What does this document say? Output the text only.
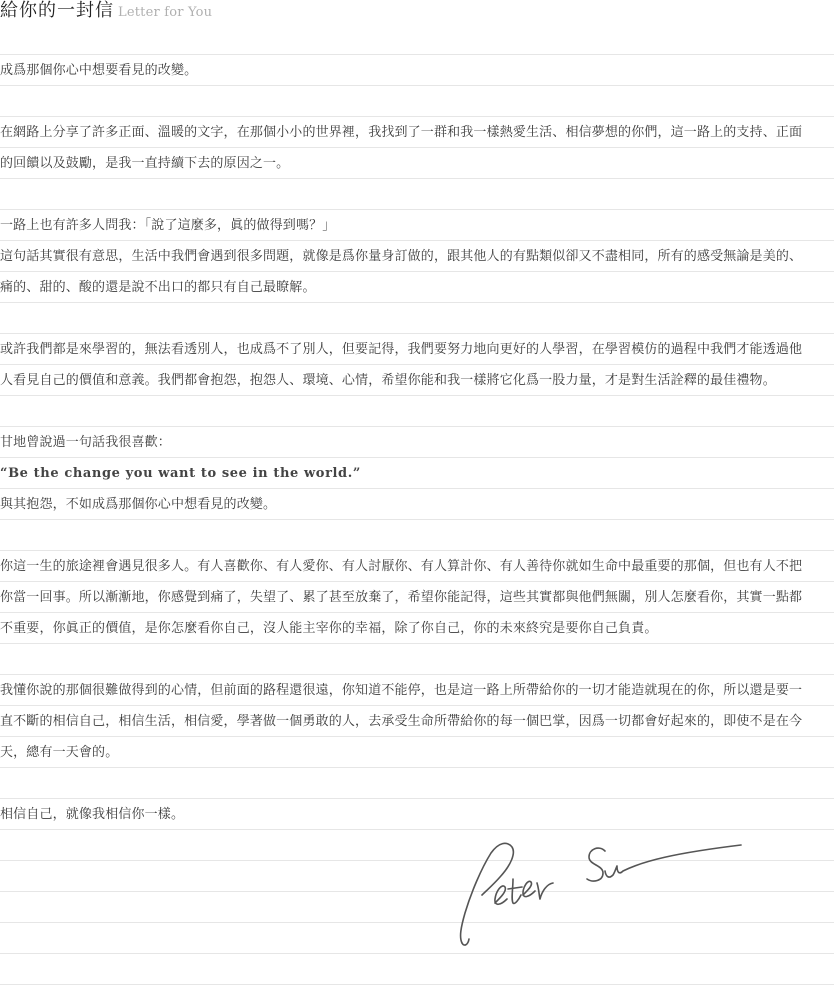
給你的一封信 Letter for You
成爲那個你心中想要看見的改變。
在網路上分享了許多正面、溫暖的文字，在那個小小的世界裡，我找到了一群和我一樣熱愛生活、相信夢想的你們，這一路上的支持、正面
的回饋以及鼓勵，是我一直持續下去的原因之一。
一路上也有許多人問我：「說了這麼多，眞的做得到嗎？」
這句話其實很有意思，生活中我們會遇到很多問題，就像是爲你量身訂做的，跟其他人的有點類似卻又不盡相同，所有的感受無論是美的、
痛的、甜的、酸的還是說不出口的都只有自己最瞭解。
或許我們都是來學習的，無法看透別人，也成爲不了別人，但要記得，我們要努力地向更好的人學習，在學習模仿的過程中我們才能透過他
人看見自己的價值和意義。我們都會抱怨，抱怨人、環境、心情，希望你能和我一樣將它化爲一股力量，才是對生活詮釋的最佳禮物。
甘地曾說過一句話我很喜歡：
“Be the change you want to see in the world.”
與其抱怨，不如成爲那個你心中想看見的改變。
你這一生的旅途裡會遇見很多人。有人喜歡你、有人愛你、有人討厭你、有人算計你、有人善待你就如生命中最重要的那個，但也有人不把
你當一回事。所以漸漸地，你感覺到痛了，失望了、累了甚至放棄了，希望你能記得，這些其實都與他們無關，別人怎麼看你，其實一點都
不重要，你眞正的價值，是你怎麼看你自己，沒人能主宰你的幸福，除了你自己，你的未來終究是要你自己負責。
我懂你說的那個很難做得到的心情，但前面的路程還很遠，你知道不能停，也是這一路上所帶給你的一切才能造就現在的你，所以還是要一
直不斷的相信自己，相信生活，相信愛，學著做一個勇敢的人，去承受生命所帶給你的每一個巴掌，因爲一切都會好起來的，即使不是在今
天，總有一天會的。
相信自己，就像我相信你一樣。
